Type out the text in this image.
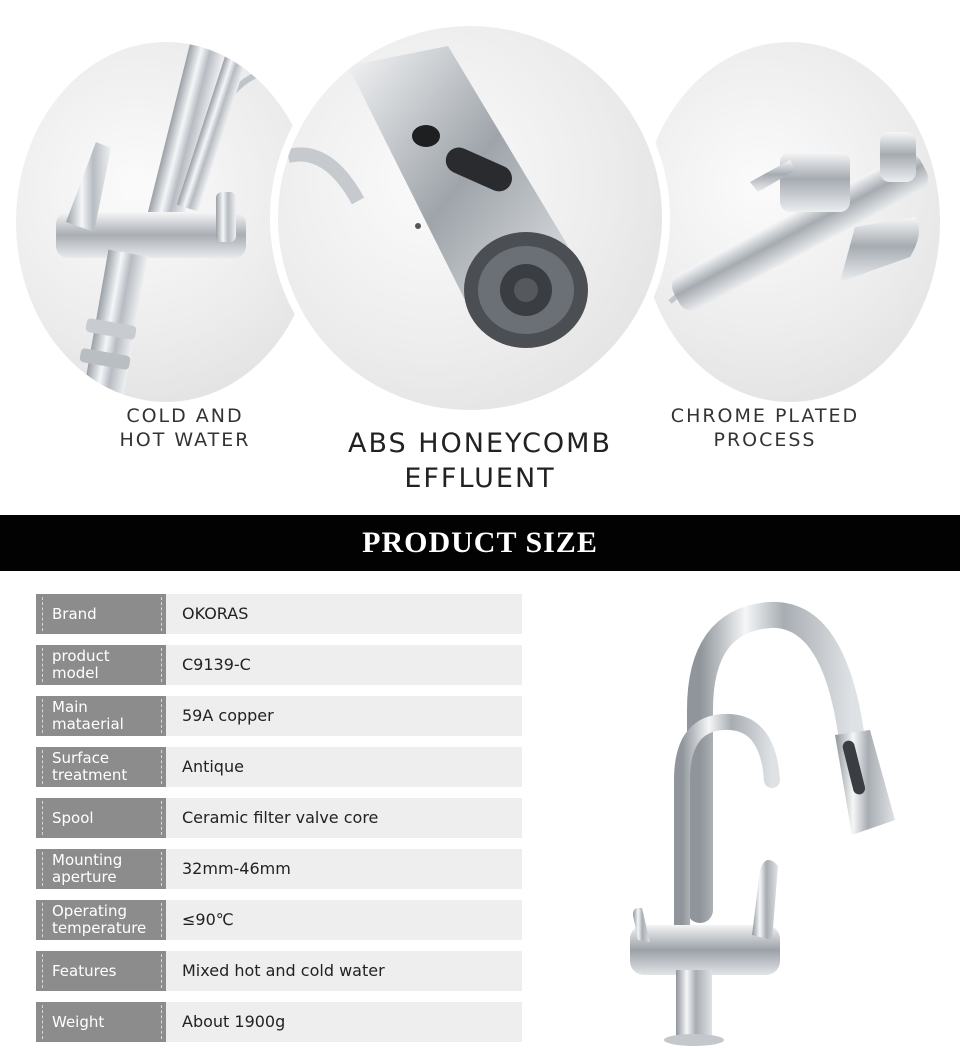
COLD AND
HOT WATER	ABS HONEYCOMB
EFFLUENT
CHROME PLATED
PROCESS
PRODUCT SIZE
Brand	OKORAS
product
model	C9139-C
Main
mataerial	59A copper
Surface
treatment	Antique
Spool	Ceramic filter valve core
Mounting
aperture	32mm-46mm
Operating
temperature	≤90℃
Features	Mixed hot and cold water
Weight	About 1900g
